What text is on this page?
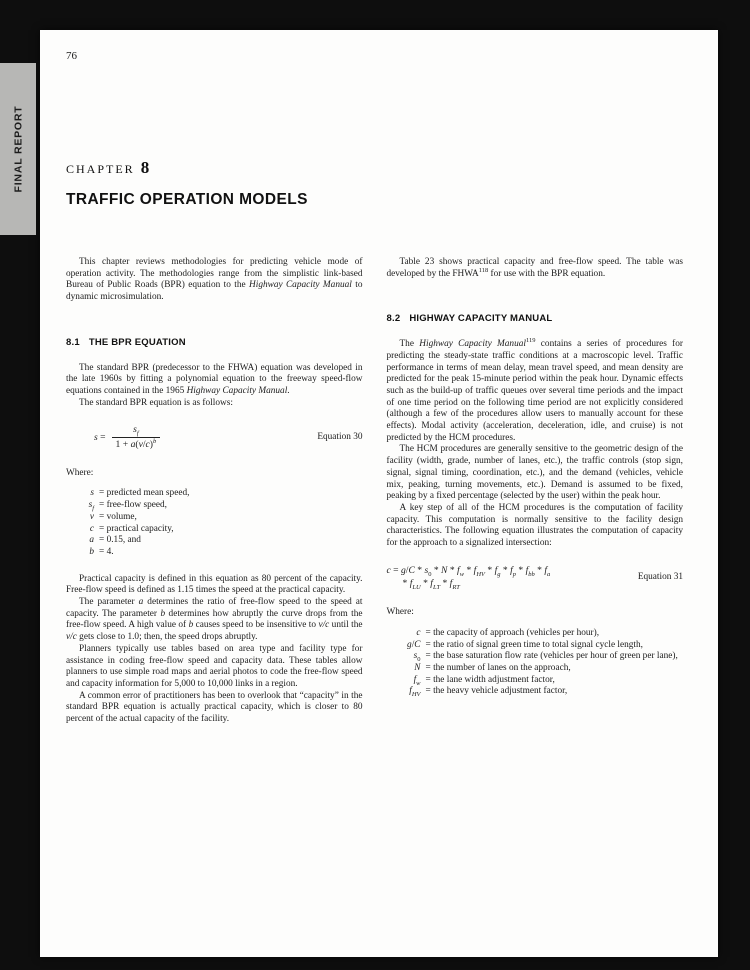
FINAL REPORT
76
CHAPTER 8
TRAFFIC OPERATION MODELS

This chapter reviews methodologies for predicting vehicle mode of operation activity. The methodologies range from the simplistic link-based Bureau of Public Roads (BPR) equation to the Highway Capacity Manual to dynamic microsimulation.

8.1 THE BPR EQUATION

The standard BPR (predecessor to the FHWA) equation was developed in the late 1960s by fitting a polynomial equation to the freeway speed-flow equations contained in the 1965 Highway Capacity Manual.

The standard BPR equation is as follows:

$s = \frac{s_f}{1 + a(v/c)^b}$	Equation 30
Where:
s = predicted mean speed,
$s_f$ = free-flow speed,
v = volume,
c = practical capacity,
a = 0.15, and
b = 4.

Practical capacity is defined in this equation as 80 percent of the capacity. Free-flow speed is defined as 1.15 times the speed at the practical capacity.

The parameter a determines the ratio of free-flow speed to the speed at capacity. The parameter b determines how abruptly the curve drops from the free-flow speed. A high value of b causes speed to be insensitive to v/c until the v/c gets close to 1.0; then, the speed drops abruptly.

Planners typically use tables based on area type and facility type for assistance in coding free-flow speed and capacity data. These tables allow planners to use simple road maps and aerial photos to code the free-flow speed and capacity information for 5,000 to 10,000 links in a region.

A common error of practitioners has been to overlook that “capacity” in the standard BPR equation is actually practical capacity, which is closer to 80 percent of the actual capacity of the facility.

Table 23 shows practical capacity and free-flow speed. The table was developed by the FHWA$^{118}$ for use with the BPR equation.

8.2 HIGHWAY CAPACITY MANUAL

The Highway Capacity Manual$^{119}$ contains a series of procedures for predicting the steady-state traffic conditions at a macroscopic level. Traffic performance in terms of mean delay, mean travel speed, and mean density are predicted for the peak 15-minute period within the peak hour. Dynamic effects such as the build-up of traffic queues over several time periods and the impact of one time period on the following time period are not explicitly considered (although a few of the procedures allow users to manually account for these effects). Modal activity (acceleration, deceleration, idle, and cruise) is not predicted by the HCM procedures.

The HCM procedures are generally sensitive to the geometric design of the facility (width, grade, number of lanes, etc.), the traffic controls (stop sign, signal, signal timing, coordination, etc.), and the demand (vehicles, vehicle mix, peaking, turning movements, etc.). Demand is assumed to be fixed, peaking by a fixed percentage (selected by the user) within the peak hour.

A key step of all of the HCM procedures is the computation of facility capacity. This computation is normally sensitive to the facility design characteristics. The following equation illustrates the computation of capacity for the approach to a signalized intersection:

$c = g/C * s_0 * N * f_w * f_{HV} * f_g * f_p * f_{bb} * f_a$
* $f_{LU} * f_{LT} * f_{RT}$
Equation 31
Where:
c = the capacity of approach (vehicles per hour),
g/C = the ratio of signal green time to total signal cycle length,
$s_0$ = the base saturation flow rate (vehicles per hour of green per lane),
N = the number of lanes on the approach,
$f_w$ = the lane width adjustment factor,
$f_{HV}$ = the heavy vehicle adjustment factor,
